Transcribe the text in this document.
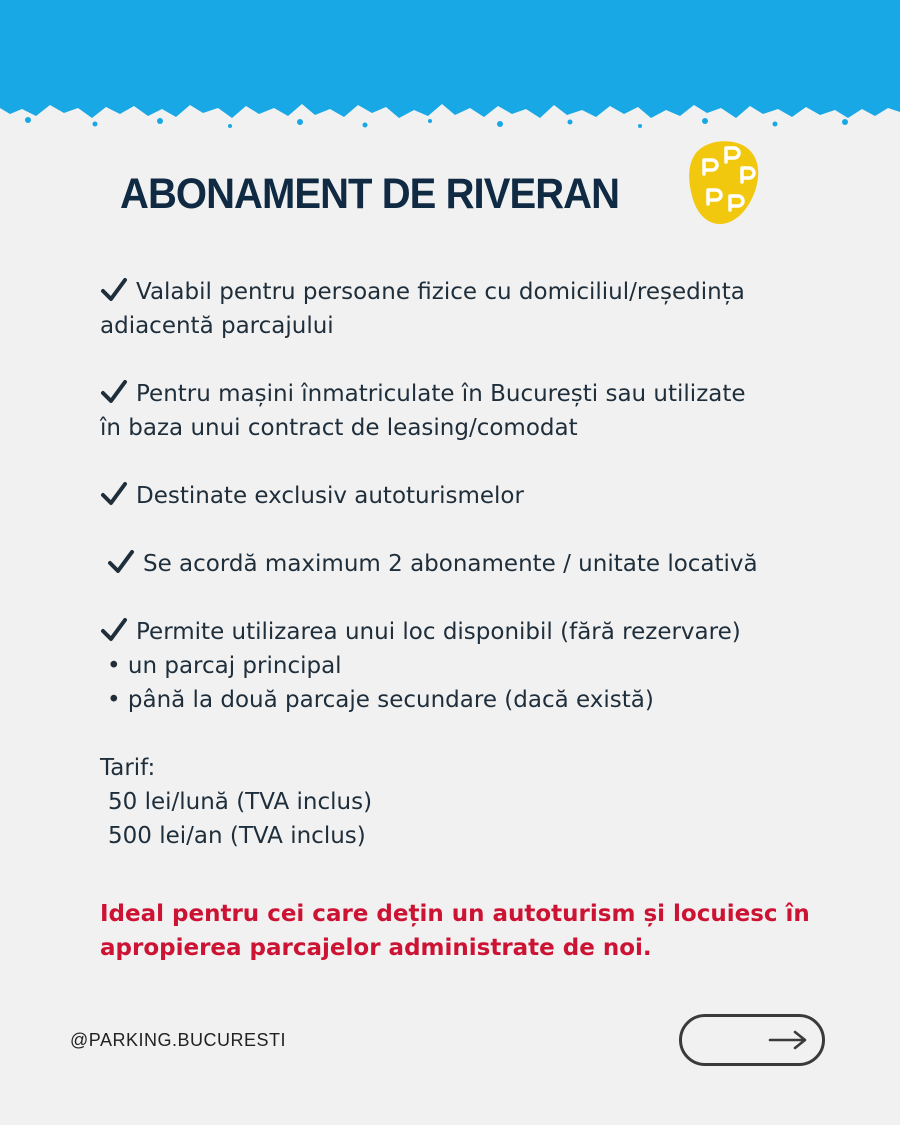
ABONAMENT DE RIVERAN
Valabil pentru persoane fizice cu domiciliul/reședința
adiacentă parcajului
Pentru mașini înmatriculate în București sau utilizate
în baza unui contract de leasing/comodat
Destinate exclusiv autoturismelor
Se acordă maximum 2 abonamente / unitate locativă
Permite utilizarea unui loc disponibil (fără rezervare)

• un parcaj principal
• până la două parcaje secundare (dacă există)
Tarif:
50 lei/lună (TVA inclus)
500 lei/an (TVA inclus)
Ideal pentru cei care dețin un autoturism și locuiesc în
apropierea parcajelor administrate de noi.
@PARKING.BUCURESTI
